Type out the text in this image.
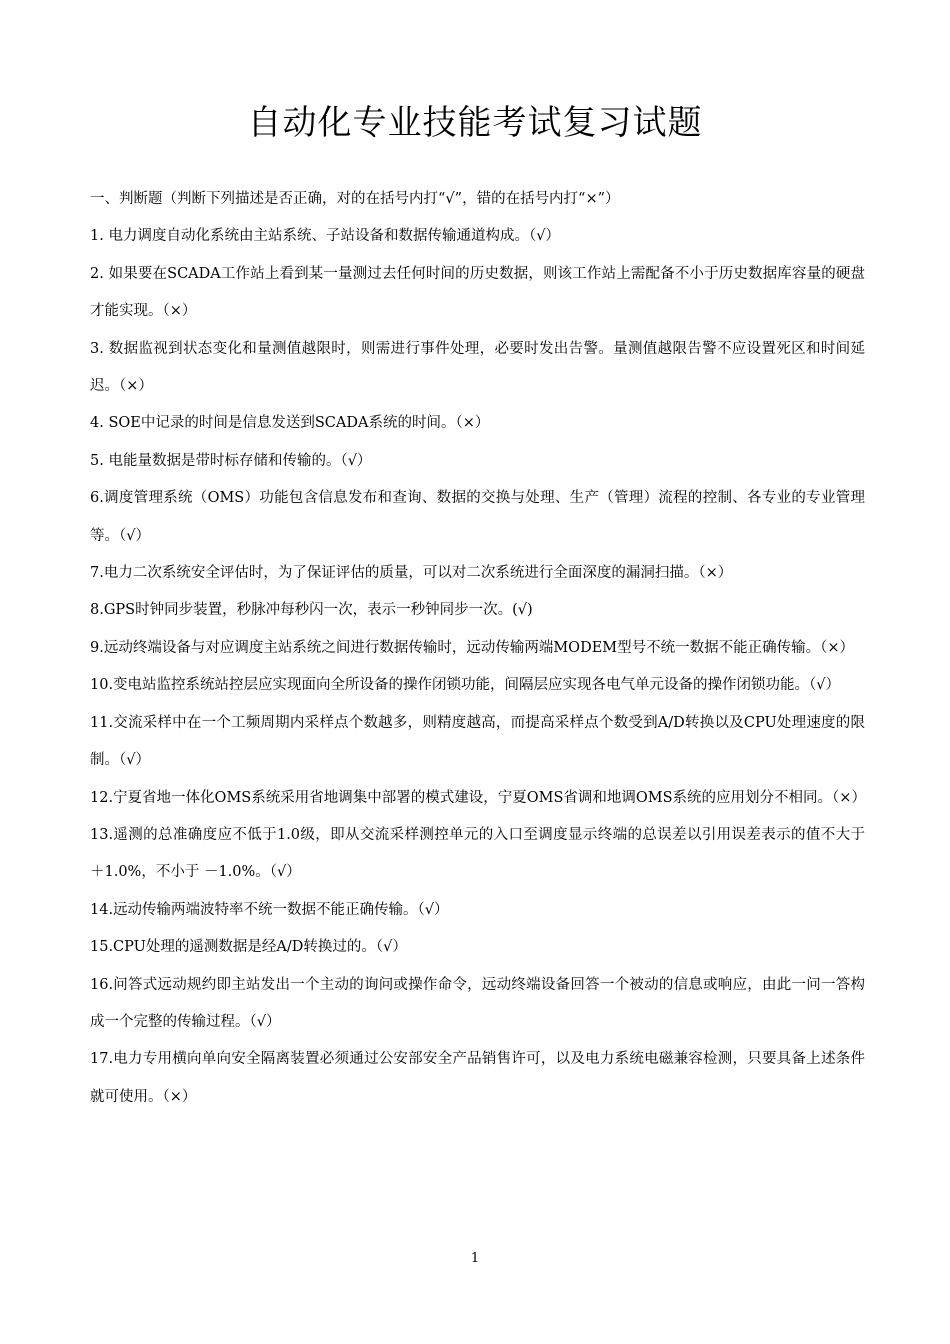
自动化专业技能考试复习试题

一、判断题（判断下列描述是否正确，对的在括号内打“√”，错的在括号内打“×”）

1. 电力调度自动化系统由主站系统、子站设备和数据传输通道构成。（√）

2. 如果要在SCADA工作站上看到某一量测过去任何时间的历史数据，则该工作站上需配备不小于历史数据库容量的硬盘才能实现。（×）

3. 数据监视到状态变化和量测值越限时，则需进行事件处理，必要时发出告警。量测值越限告警不应设置死区和时间延迟。（×）

4. SOE中记录的时间是信息发送到SCADA系统的时间。（×）

5. 电能量数据是带时标存储和传输的。（√）

6.调度管理系统（OMS）功能包含信息发布和查询、数据的交换与处理、生产（管理）流程的控制、各专业的专业管理等。（√）

7.电力二次系统安全评估时，为了保证评估的质量，可以对二次系统进行全面深度的漏洞扫描。（×）

8.GPS时钟同步装置，秒脉冲每秒闪一次，表示一秒钟同步一次。(√)

9.远动终端设备与对应调度主站系统之间进行数据传输时，远动传输两端MODEM型号不统一数据不能正确传输。（×）

10.变电站监控系统站控层应实现面向全所设备的操作闭锁功能，间隔层应实现各电气单元设备的操作闭锁功能。（√）

11.交流采样中在一个工频周期内采样点个数越多，则精度越高，而提高采样点个数受到A/D转换以及CPU处理速度的限制。（√）

12.宁夏省地一体化OMS系统采用省地调集中部署的模式建设，宁夏OMS省调和地调OMS系统的应用划分不相同。（×）

13.遥测的总准确度应不低于1.0级，即从交流采样测控单元的入口至调度显示终端的总误差以引用误差表示的值不大于 ＋1.0%，不小于 －1.0%。（√）

14.远动传输两端波特率不统一数据不能正确传输。（√）

15.CPU处理的遥测数据是经A/D转换过的。（√）

16.问答式远动规约即主站发出一个主动的询问或操作命令，远动终端设备回答一个被动的信息或响应，由此一问一答构成一个完整的传输过程。（√）

17.电力专用横向单向安全隔离装置必须通过公安部安全产品销售许可，以及电力系统电磁兼容检测，只要具备上述条件就可使用。（×）

1
